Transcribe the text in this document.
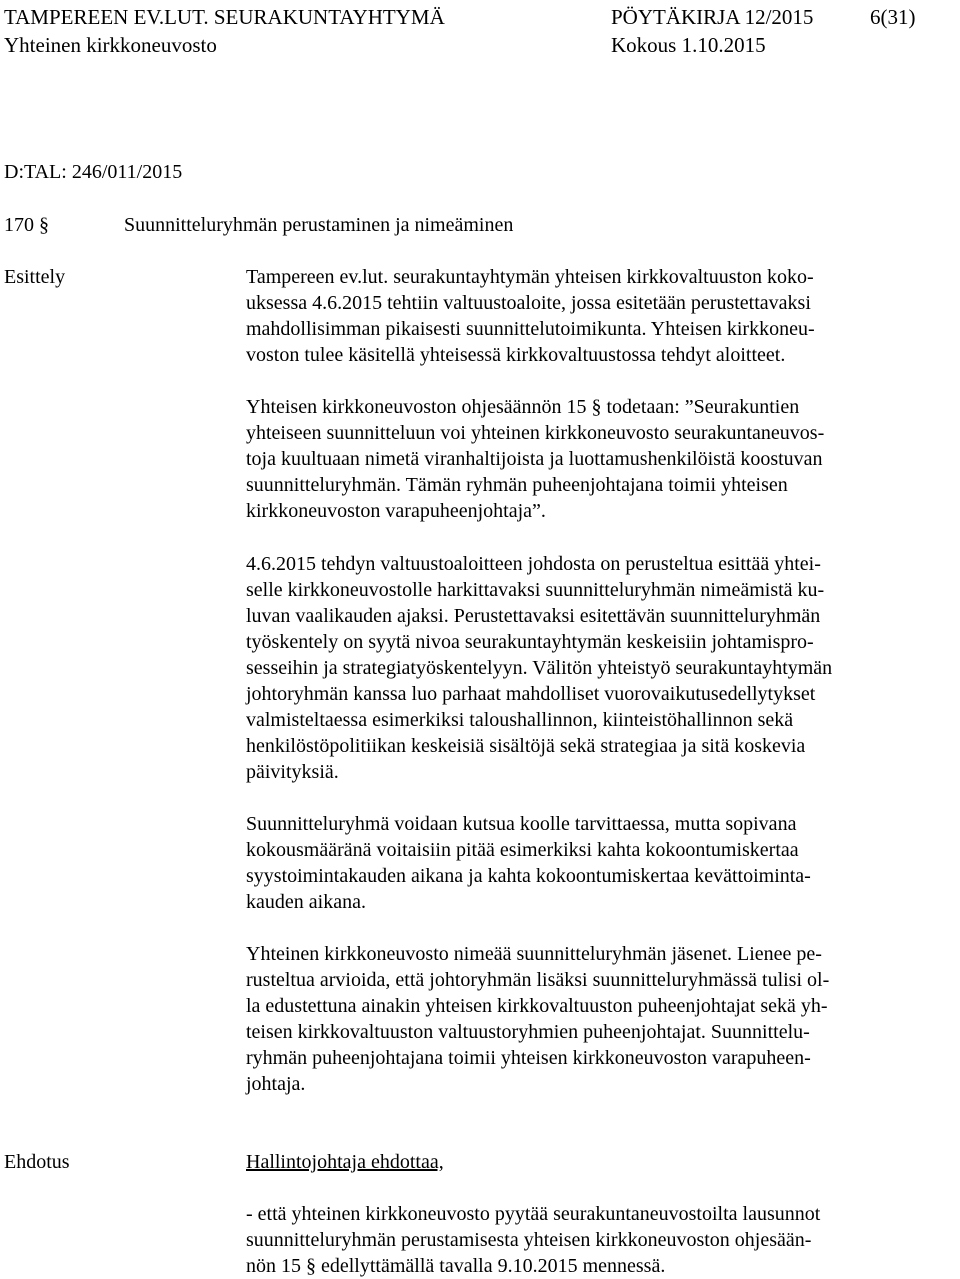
TAMPEREEN EV.LUT. SEURAKUNTAYHTYMÄ	PÖYTÄKIRJA 12/2015	6(31)
Yhteinen kirkkoneuvosto	Kokous 1.10.2015
D:TAL: 246/011/2015
170 §	Suunnitteluryhmän perustaminen ja nimeäminen
Esittely	Tampereen ev.lut. seurakuntayhtymän yhteisen kirkkovaltuuston koko-
uksessa 4.6.2015 tehtiin valtuustoaloite, jossa esitetään perustettavaksi
mahdollisimman pikaisesti suunnittelutoimikunta. Yhteisen kirkkoneu-
voston tulee käsitellä yhteisessä kirkkovaltuustossa tehdyt aloitteet.
Yhteisen kirkkoneuvoston ohjesäännön 15 § todetaan: ”Seurakuntien
yhteiseen suunnitteluun voi yhteinen kirkkoneuvosto seurakuntaneuvos-
toja kuultuaan nimetä viranhaltijoista ja luottamushenkilöistä koostuvan
suunnitteluryhmän. Tämän ryhmän puheenjohtajana toimii yhteisen
kirkkoneuvoston varapuheenjohtaja”.
4.6.2015 tehdyn valtuustoaloitteen johdosta on perusteltua esittää yhtei-
selle kirkkoneuvostolle harkittavaksi suunnitteluryhmän nimeämistä ku-
luvan vaalikauden ajaksi. Perustettavaksi esitettävän suunnitteluryhmän
työskentely on syytä nivoa seurakuntayhtymän keskeisiin johtamispro-
sesseihin ja strategiatyöskentelyyn. Välitön yhteistyö seurakuntayhtymän
johtoryhmän kanssa luo parhaat mahdolliset vuorovaikutusedellytykset
valmisteltaessa esimerkiksi taloushallinnon, kiinteistöhallinnon sekä
henkilöstöpolitiikan keskeisiä sisältöjä sekä strategiaa ja sitä koskevia
päivityksiä.
Suunnitteluryhmä voidaan kutsua koolle tarvittaessa, mutta sopivana
kokousmääränä voitaisiin pitää esimerkiksi kahta kokoontumiskertaa
syystoimintakauden aikana ja kahta kokoontumiskertaa kevättoiminta-
kauden aikana.
Yhteinen kirkkoneuvosto nimeää suunnitteluryhmän jäsenet. Lienee pe-
rusteltua arvioida, että johtoryhmän lisäksi suunnitteluryhmässä tulisi ol-
la edustettuna ainakin yhteisen kirkkovaltuuston puheenjohtajat sekä yh-
teisen kirkkovaltuuston valtuustoryhmien puheenjohtajat. Suunnittelu-
ryhmän puheenjohtajana toimii yhteisen kirkkoneuvoston varapuheen-
johtaja.
Ehdotus	Hallintojohtaja ehdottaa,
- että yhteinen kirkkoneuvosto pyytää seurakuntaneuvostoilta lausunnot
suunnitteluryhmän perustamisesta yhteisen kirkkoneuvoston ohjesään-
nön 15 § edellyttämällä tavalla 9.10.2015 mennessä.
